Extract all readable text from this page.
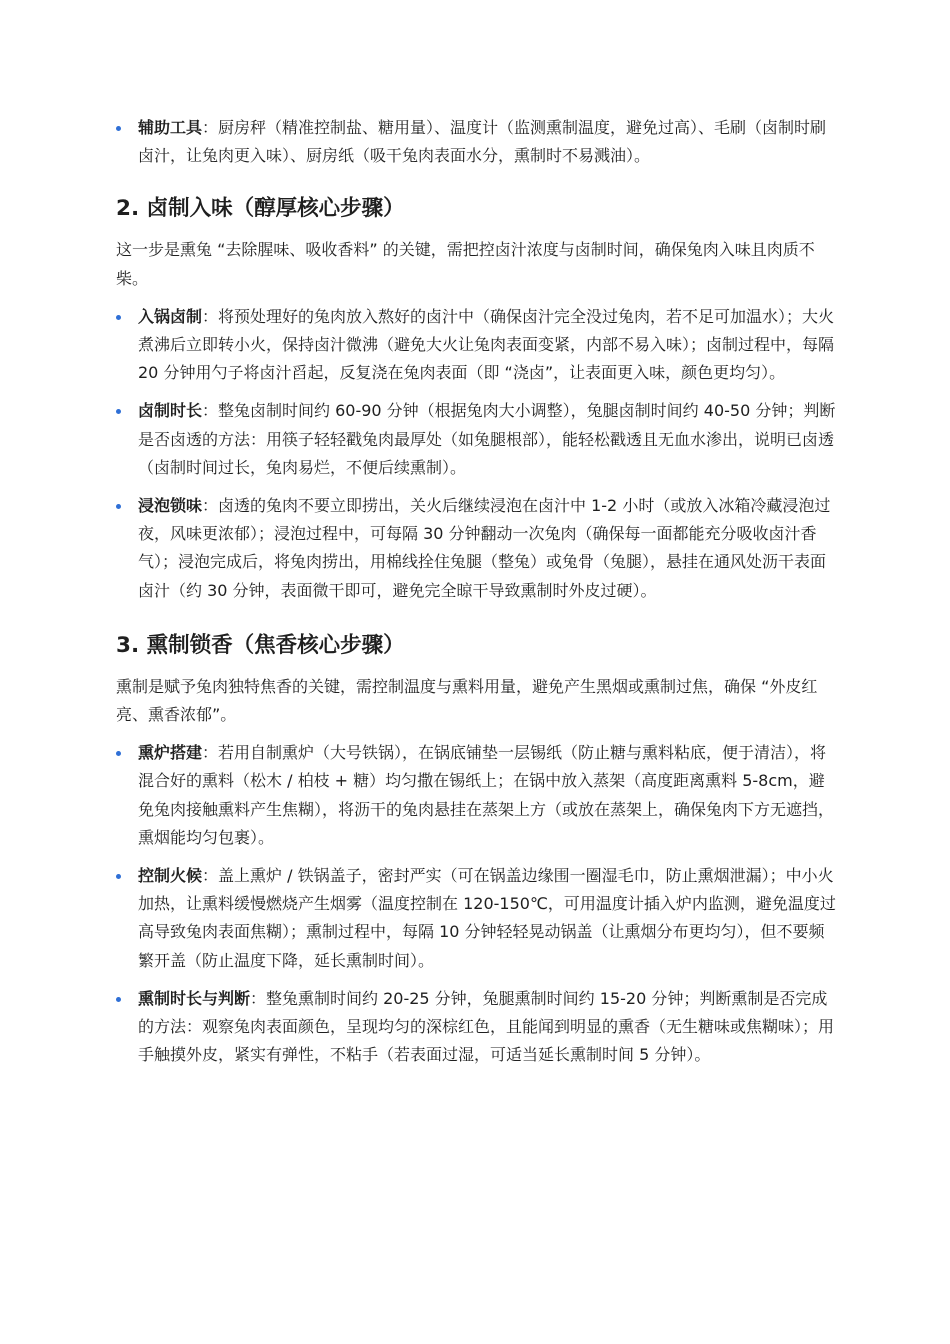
辅助工具：厨房秤（精准控制盐、糖用量）、温度计（监测熏制温度，避免过高）、毛刷（卤制时刷卤汁，让兔肉更入味）、厨房纸（吸干兔肉表面水分，熏制时不易溅油）。
2. 卤制入味（醇厚核心步骤）

这一步是熏兔 “去除腥味、吸收香料” 的关键，需把控卤汁浓度与卤制时间，确保兔肉入味且肉质不柴。

入锅卤制：将预处理好的兔肉放入熬好的卤汁中（确保卤汁完全没过兔肉，若不足可加温水）；大火煮沸后立即转小火，保持卤汁微沸（避免大火让兔肉表面变紧，内部不易入味）；卤制过程中，每隔 20 分钟用勺子将卤汁舀起，反复浇在兔肉表面（即 “浇卤”，让表面更入味，颜色更均匀）。
卤制时长：整兔卤制时间约 60-90 分钟（根据兔肉大小调整），兔腿卤制时间约 40-50 分钟；判断是否卤透的方法：用筷子轻轻戳兔肉最厚处（如兔腿根部），能轻松戳透且无血水渗出，说明已卤透（卤制时间过长，兔肉易烂，不便后续熏制）。
浸泡锁味：卤透的兔肉不要立即捞出，关火后继续浸泡在卤汁中 1-2 小时（或放入冰箱冷藏浸泡过夜，风味更浓郁）；浸泡过程中，可每隔 30 分钟翻动一次兔肉（确保每一面都能充分吸收卤汁香气）；浸泡完成后，将兔肉捞出，用棉线拴住兔腿（整兔）或兔骨（兔腿），悬挂在通风处沥干表面卤汁（约 30 分钟，表面微干即可，避免完全晾干导致熏制时外皮过硬）。
3. 熏制锁香（焦香核心步骤）

熏制是赋予兔肉独特焦香的关键，需控制温度与熏料用量，避免产生黑烟或熏制过焦，确保 “外皮红亮、熏香浓郁”。

熏炉搭建：若用自制熏炉（大号铁锅），在锅底铺垫一层锡纸（防止糖与熏料粘底，便于清洁），将混合好的熏料（松木 / 柏枝 + 糖）均匀撒在锡纸上；在锅中放入蒸架（高度距离熏料 5-8cm，避免兔肉接触熏料产生焦糊），将沥干的兔肉悬挂在蒸架上方（或放在蒸架上，确保兔肉下方无遮挡，熏烟能均匀包裹）。
控制火候：盖上熏炉 / 铁锅盖子，密封严实（可在锅盖边缘围一圈湿毛巾，防止熏烟泄漏）；中小火加热，让熏料缓慢燃烧产生烟雾（温度控制在 120-150℃，可用温度计插入炉内监测，避免温度过高导致兔肉表面焦糊）；熏制过程中，每隔 10 分钟轻轻晃动锅盖（让熏烟分布更均匀），但不要频繁开盖（防止温度下降，延长熏制时间）。
熏制时长与判断：整兔熏制时间约 20-25 分钟，兔腿熏制时间约 15-20 分钟；判断熏制是否完成的方法：观察兔肉表面颜色，呈现均匀的深棕红色，且能闻到明显的熏香（无生糖味或焦糊味）；用手触摸外皮，紧实有弹性，不粘手（若表面过湿，可适当延长熏制时间 5 分钟）。
